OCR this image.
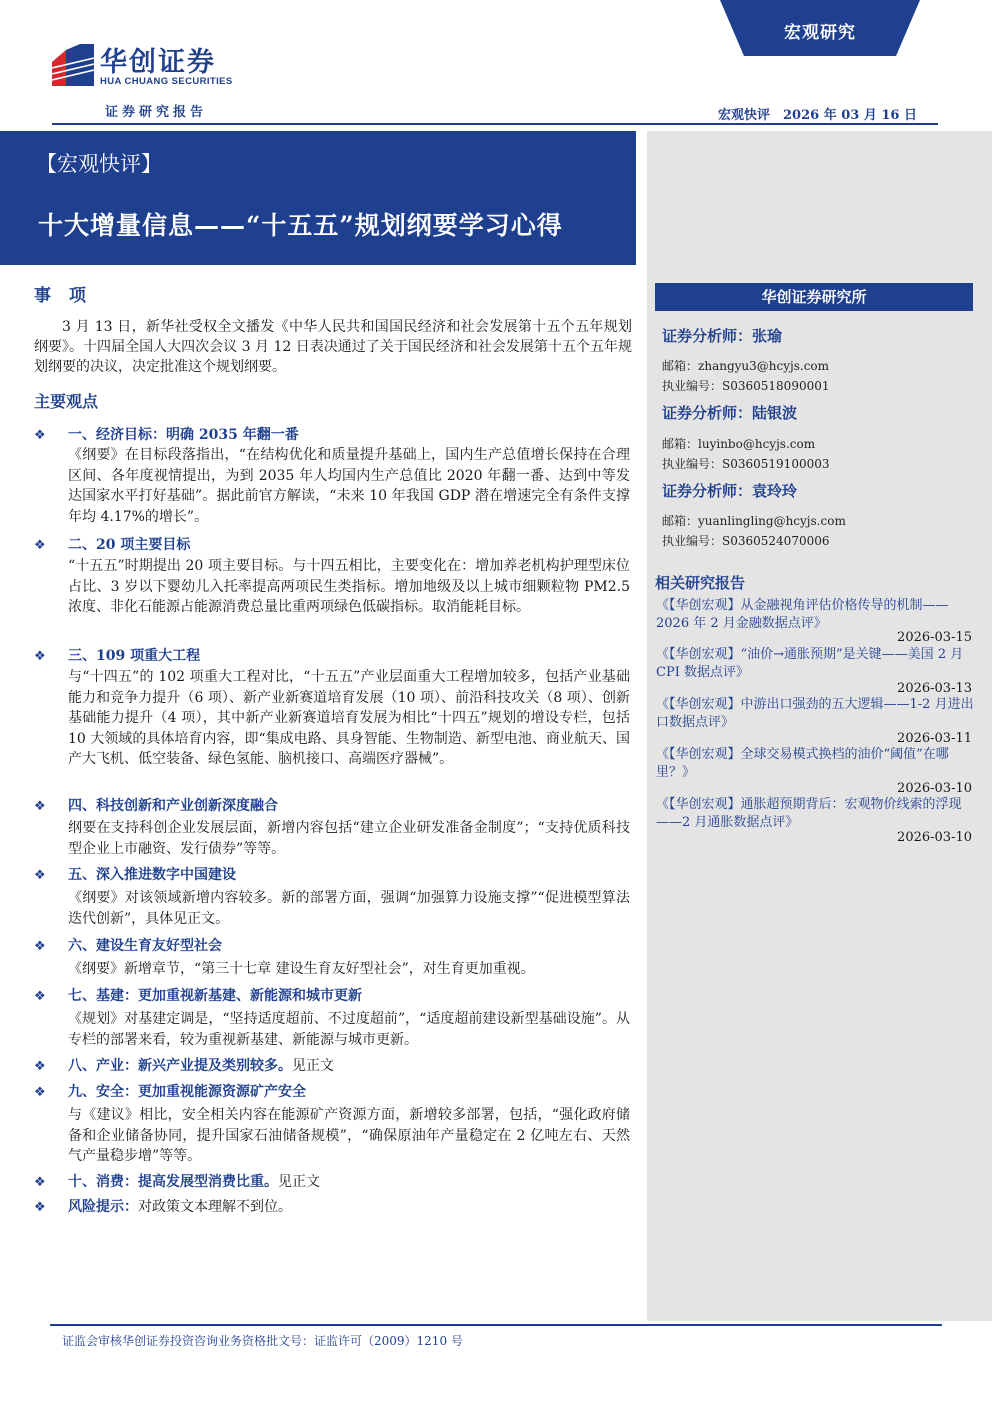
华创证券
HUA CHUANG SECURITIES
证券研究报告
宏观研究
宏观快评　2026 年 03 月 16 日
【宏观快评】
十大增量信息——“十五五”规划纲要学习心得
华创证券研究所
证券分析师：张瑜
邮箱：zhangyu3@hcyjs.com
执业编号：S0360518090001
证券分析师：陆银波
邮箱：luyinbo@hcyjs.com
执业编号：S0360519100003
证券分析师：袁玲玲
邮箱：yuanlingling@hcyjs.com
执业编号：S0360524070006
相关研究报告
《【华创宏观】从金融视角评估价格传导的机制——2026 年 2 月金融数据点评》
2026-03-15
《【华创宏观】“油价→通胀预期”是关键——美国 2 月 CPI 数据点评》
2026-03-13
《【华创宏观】中游出口强劲的五大逻辑——1-2 月进出口数据点评》
2026-03-11
《【华创宏观】全球交易模式换档的油价“阈值”在哪里？》
2026-03-10
《【华创宏观】通胀超预期背后：宏观物价线索的浮现——2 月通胀数据点评》
2026-03-10
事项
3 月 13 日，新华社受权全文播发《中华人民共和国国民经济和社会发展第十五个五年规划纲要》。十四届全国人大四次会议 3 月 12 日表决通过了关于国民经济和社会发展第十五个五年规划纲要的决议，决定批准这个规划纲要。
主要观点
❖ 一、经济目标：明确 2035 年翻一番
《纲要》在目标段落指出，“在结构优化和质量提升基础上，国内生产总值增长保持在合理区间、各年度视情提出，为到 2035 年人均国内生产总值比 2020 年翻一番、达到中等发达国家水平打好基础”。据此前官方解读，“未来 10 年我国 GDP 潜在增速完全有条件支撑年均 4.17%的增长”。
❖ 二、20 项主要目标
“十五五”时期提出 20 项主要目标。与十四五相比，主要变化在：增加养老机构护理型床位占比、3 岁以下婴幼儿入托率提高两项民生类指标。增加地级及以上城市细颗粒物 PM2.5 浓度、非化石能源占能源消费总量比重两项绿色低碳指标。取消能耗目标。
❖ 三、109 项重大工程
与“十四五”的 102 项重大工程对比，“十五五”产业层面重大工程增加较多，包括产业基础能力和竞争力提升（6 项）、新产业新赛道培育发展（10 项）、前沿科技攻关（8 项）、创新基础能力提升（4 项），其中新产业新赛道培育发展为相比“十四五”规划的增设专栏，包括 10 大领域的具体培育内容，即“集成电路、具身智能、生物制造、新型电池、商业航天、国产大飞机、低空装备、绿色氢能、脑机接口、高端医疗器械”。
❖ 四、科技创新和产业创新深度融合
纲要在支持科创企业发展层面，新增内容包括“建立企业研发准备金制度”；“支持优质科技型企业上市融资、发行债券”等等。
❖ 五、深入推进数字中国建设
《纲要》对该领域新增内容较多。新的部署方面，强调“加强算力设施支撑”“促进模型算法迭代创新”，具体见正文。
❖ 六、建设生育友好型社会
《纲要》新增章节，“第三十七章 建设生育友好型社会”，对生育更加重视。
❖ 七、基建：更加重视新基建、新能源和城市更新
《规划》对基建定调是，“坚持适度超前、不过度超前”，“适度超前建设新型基础设施”。从专栏的部署来看，较为重视新基建、新能源与城市更新。
❖ 八、产业：新兴产业提及类别较多。见正文
❖ 九、安全：更加重视能源资源矿产安全
与《建议》相比，安全相关内容在能源矿产资源方面，新增较多部署，包括，“强化政府储备和企业储备协同，提升国家石油储备规模”，“确保原油年产量稳定在 2 亿吨左右、天然气产量稳步增”等等。
❖ 十、消费：提高发展型消费比重。见正文
❖ 风险提示：对政策文本理解不到位。
证监会审核华创证券投资咨询业务资格批文号：证监许可（2009）1210 号
